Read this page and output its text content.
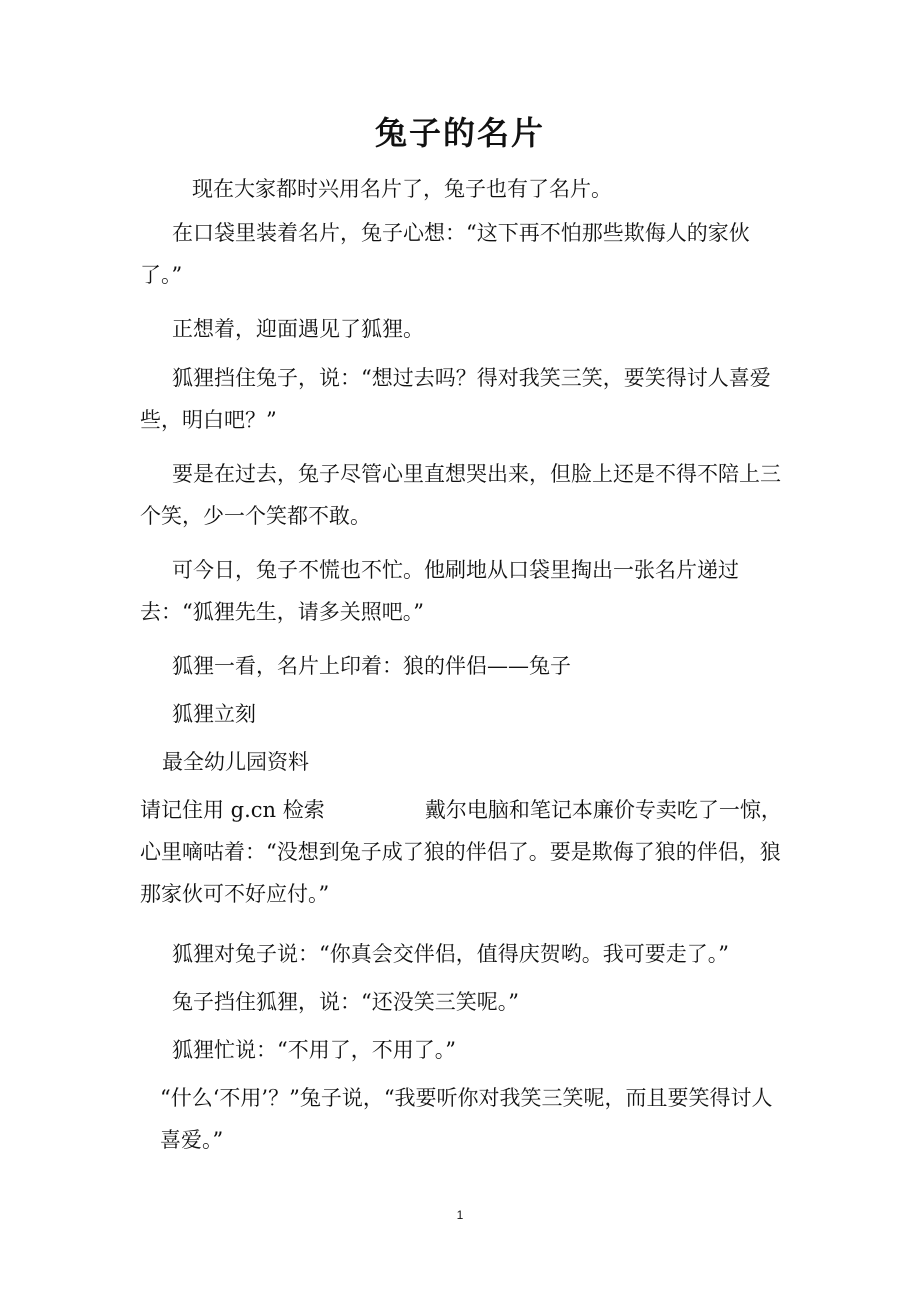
兔子的名片
现在大家都时兴用名片了，兔子也有了名片。
在口袋里装着名片，兔子心想：“这下再不怕那些欺侮人的家伙了。”
正想着，迎面遇见了狐狸。
狐狸挡住兔子，说：“想过去吗？得对我笑三笑，要笑得讨人喜爱些，明白吧？”
要是在过去，兔子尽管心里直想哭出来，但脸上还是不得不陪上三个笑，少一个笑都不敢。
可今日，兔子不慌也不忙。他刷地从口袋里掏出一张名片递过去：“狐狸先生，请多关照吧。”
狐狸一看，名片上印着：狼的伴侣——兔子
狐狸立刻
最全幼儿园资料
请记住用 g.cn 检索               戴尔电脑和笔记本廉价专卖吃了一惊，心里嘀咕着：“没想到兔子成了狼的伴侣了。要是欺侮了狼的伴侣，狼那家伙可不好应付。”
狐狸对兔子说：“你真会交伴侣，值得庆贺哟。我可要走了。”
兔子挡住狐狸，说：“还没笑三笑呢。”
狐狸忙说：“不用了，不用了。”
“什么‘不用’？”兔子说，“我要听你对我笑三笑呢，而且要笑得讨人喜爱。”
1
